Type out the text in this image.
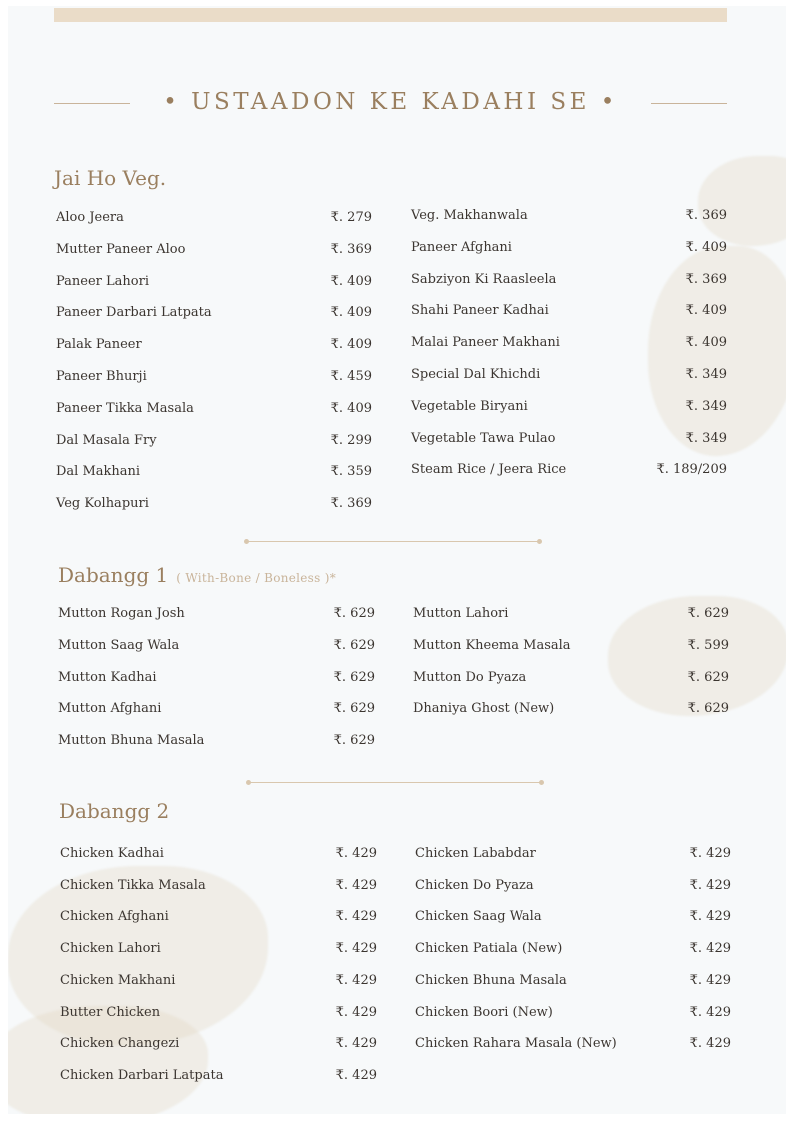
• USTAADON KE KADAHI SE •
Jai Ho Veg.
Aloo Jeera	₹. 279
Mutter Paneer Aloo	₹. 369
Paneer Lahori	₹. 409
Paneer Darbari Latpata	₹. 409
Palak Paneer	₹. 409
Paneer Bhurji	₹. 459
Paneer Tikka Masala	₹. 409
Dal Masala Fry	₹. 299
Dal Makhani	₹. 359
Veg Kolhapuri	₹. 369
Veg. Makhanwala	₹. 369
Paneer Afghani	₹. 409
Sabziyon Ki Raasleela	₹. 369
Shahi Paneer Kadhai	₹. 409
Malai Paneer Makhani	₹. 409
Special Dal Khichdi	₹. 349
Vegetable Biryani	₹. 349
Vegetable Tawa Pulao	₹. 349
Steam Rice / Jeera Rice	₹. 189/209
Dabangg 1 ( With-Bone / Boneless )*
Mutton Rogan Josh	₹. 629
Mutton Saag Wala	₹. 629
Mutton Kadhai	₹. 629
Mutton Afghani	₹. 629
Mutton Bhuna Masala	₹. 629
Mutton Lahori	₹. 629
Mutton Kheema Masala	₹. 599
Mutton Do Pyaza	₹. 629
Dhaniya Ghost (New)	₹. 629
Dabangg 2
Chicken Kadhai	₹. 429
Chicken Tikka Masala	₹. 429
Chicken Afghani	₹. 429
Chicken Lahori	₹. 429
Chicken Makhani	₹. 429
Butter Chicken	₹. 429
Chicken Changezi	₹. 429
Chicken Darbari Latpata	₹. 429
Chicken Lababdar	₹. 429
Chicken Do Pyaza	₹. 429
Chicken Saag Wala	₹. 429
Chicken Patiala (New)	₹. 429
Chicken Bhuna Masala	₹. 429
Chicken Boori (New)	₹. 429
Chicken Rahara Masala (New)	₹. 429
